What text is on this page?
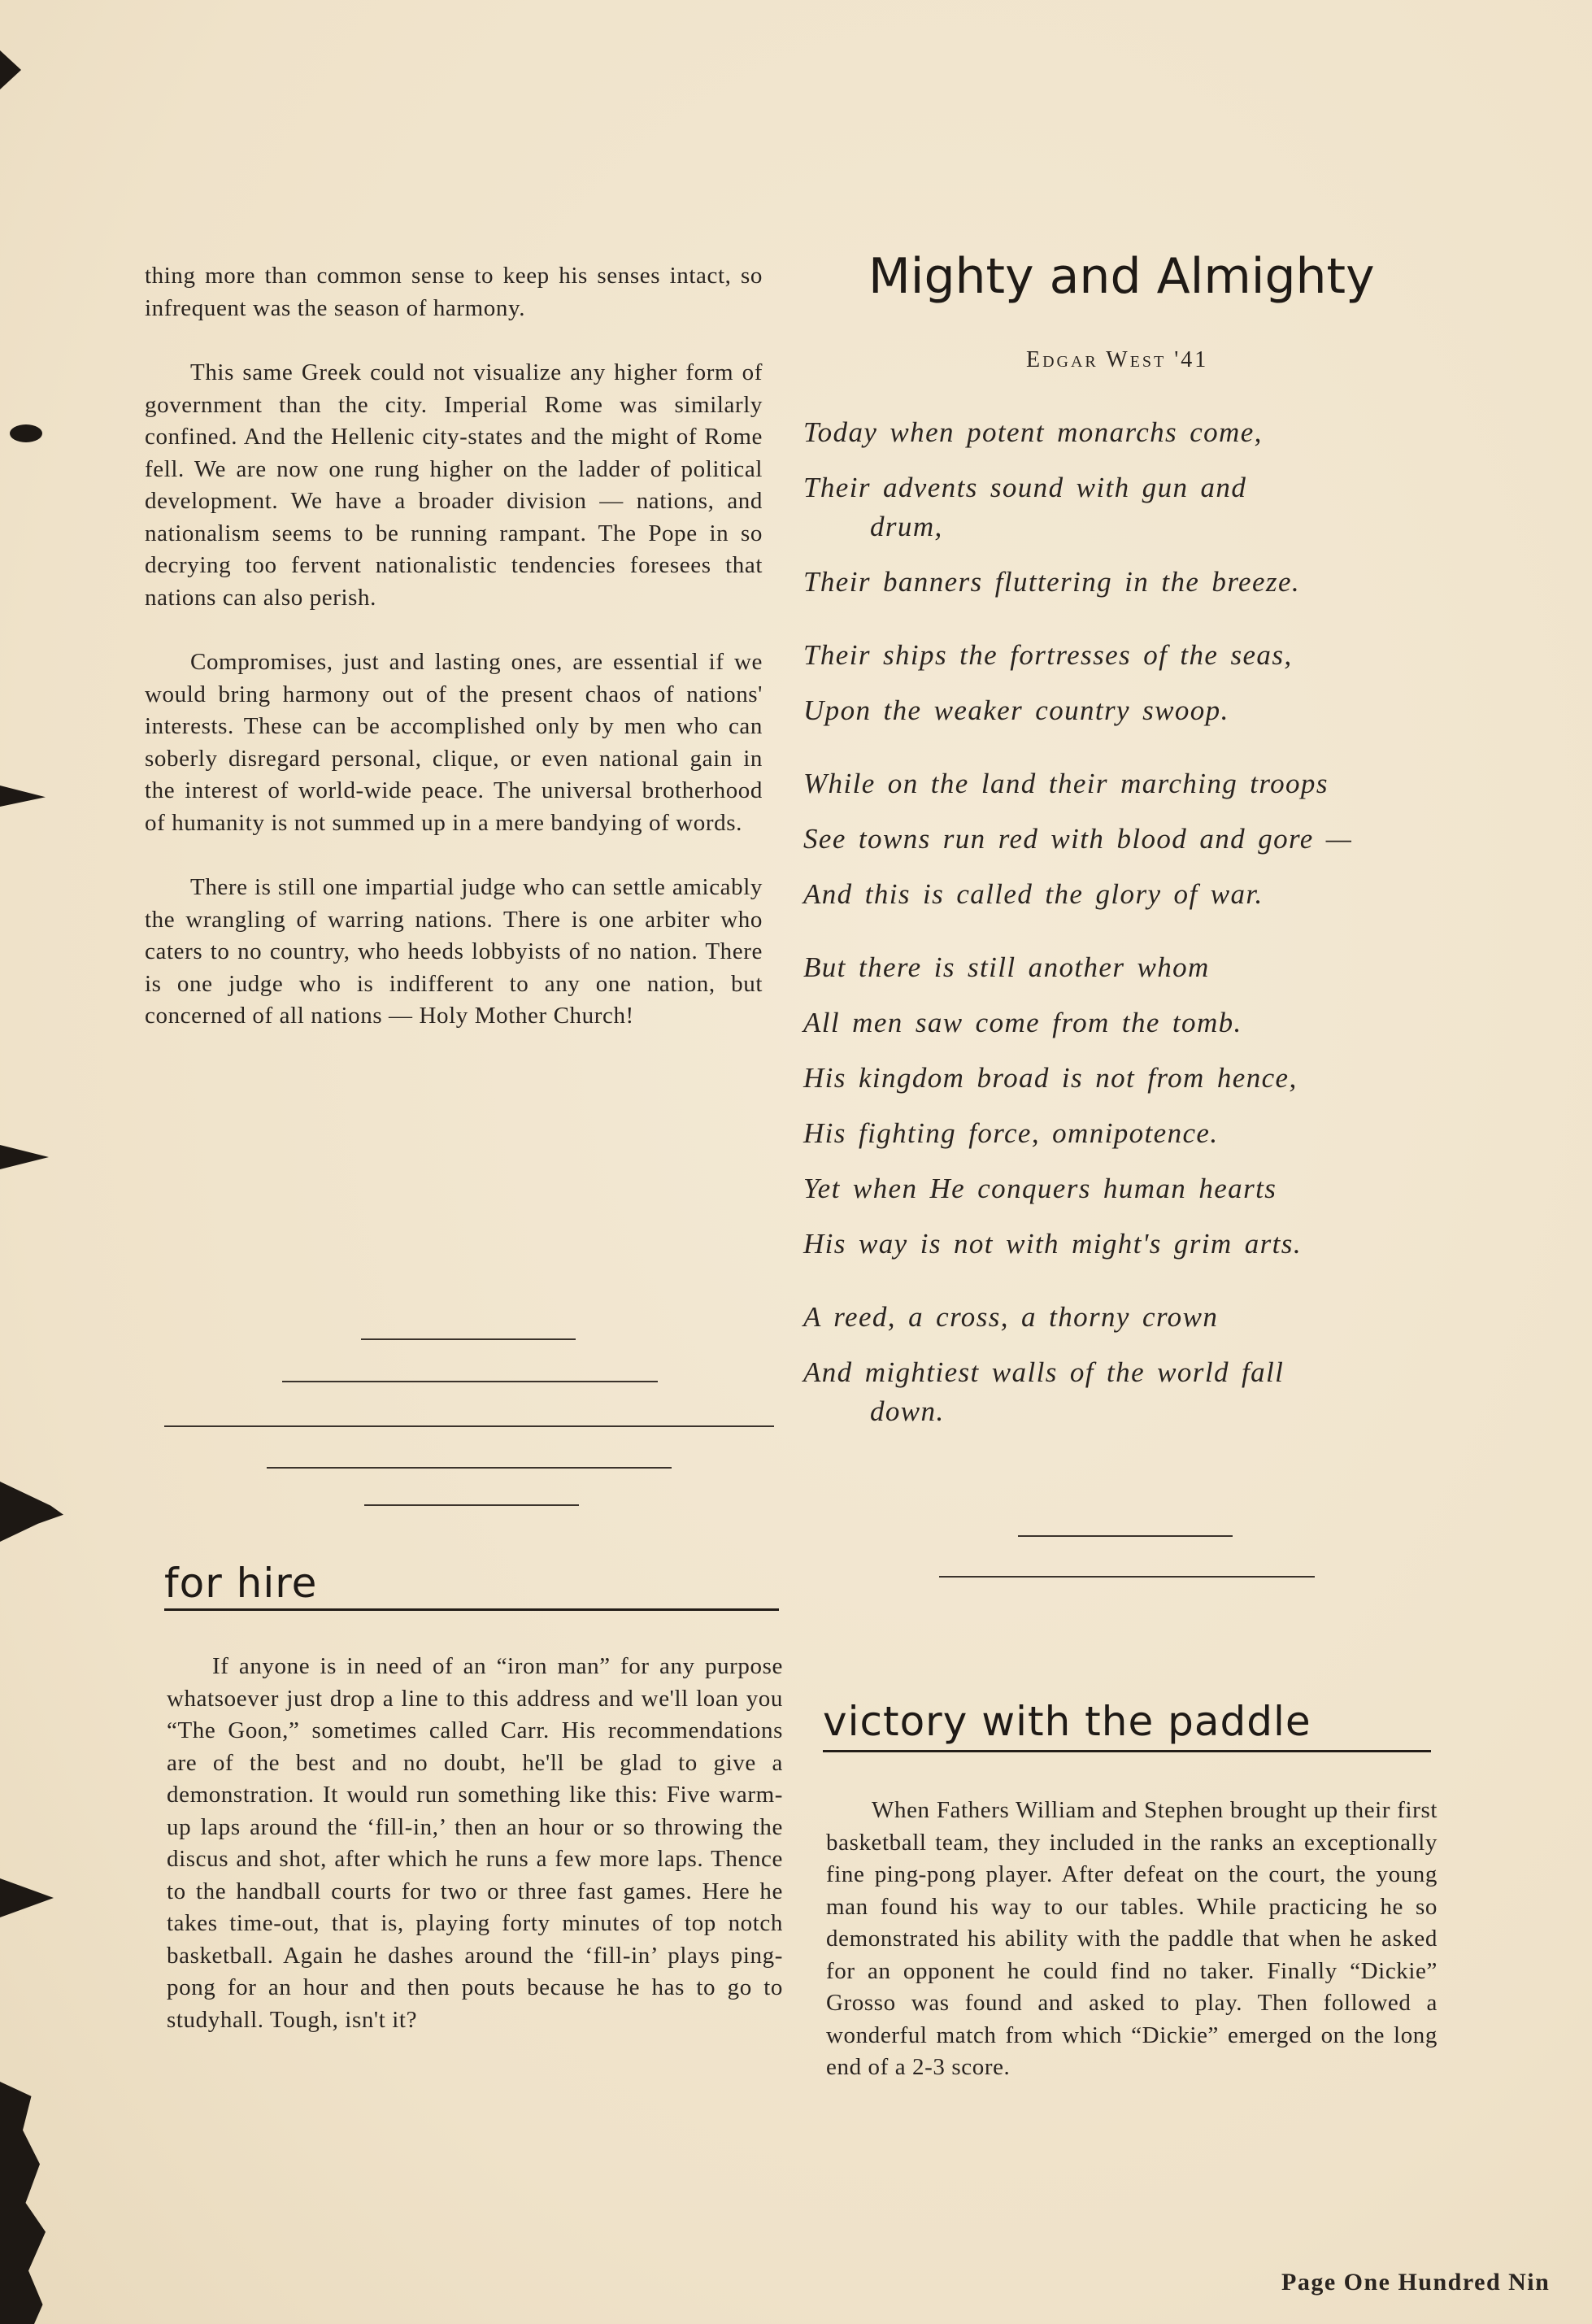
thing more than common sense to keep his senses intact, so infrequent was the season of harmony.

This same Greek could not visualize any higher form of government than the city. Imperial Rome was similarly confined. And the Hellenic city-states and the might of Rome fell. We are now one rung higher on the ladder of political development. We have a broader division — nations, and nationalism seems to be running rampant. The Pope in so decrying too fervent nationalistic tendencies foresees that nations can also perish.

Compromises, just and lasting ones, are essential if we would bring harmony out of the present chaos of nations' interests. These can be accomplished only by men who can soberly disregard personal, clique, or even national gain in the interest of world-wide peace. The universal brotherhood of humanity is not summed up in a mere bandying of words.

There is still one impartial judge who can settle amicably the wrangling of warring nations. There is one arbiter who caters to no country, who heeds lobbyists of no nation. There is one judge who is indifferent to any one nation, but concerned of all nations — Holy Mother Church!

for hire

If anyone is in need of an “iron man” for any purpose whatsoever just drop a line to this address and we'll loan you “The Goon,” sometimes called Carr. His recommendations are of the best and no doubt, he'll be glad to give a demonstration. It would run something like this: Five warm-up laps around the ‘fill-in,’ then an hour or so throwing the discus and shot, after which he runs a few more laps. Thence to the handball courts for two or three fast games. Here he takes time-out, that is, playing forty minutes of top notch basketball. Again he dashes around the ‘fill-in’ plays ping-pong for an hour and then pouts because he has to go to studyhall. Tough, isn't it?

Mighty and Almighty
Edgar West '41
Today when potent monarchs come,
Their advents sound with gun and
drum,
Their banners fluttering in the breeze.
Their ships the fortresses of the seas,
Upon the weaker country swoop.
While on the land their marching troops
See towns run red with blood and gore —
And this is called the glory of war.
But there is still another whom
All men saw come from the tomb.
His kingdom broad is not from hence,
His fighting force, omnipotence.
Yet when He conquers human hearts
His way is not with might's grim arts.
A reed, a cross, a thorny crown
And mightiest walls of the world fall
down.
victory with the paddle

When Fathers William and Stephen brought up their first basketball team, they included in the ranks an exceptionally fine ping-pong player. After defeat on the court, the young man found his way to our tables. While practicing he so demonstrated his ability with the paddle that when he asked for an opponent he could find no taker. Finally “Dickie” Grosso was found and asked to play. Then followed a wonderful match from which “Dickie” emerged on the long end of a 2-3 score.

Page One Hundred Nin
